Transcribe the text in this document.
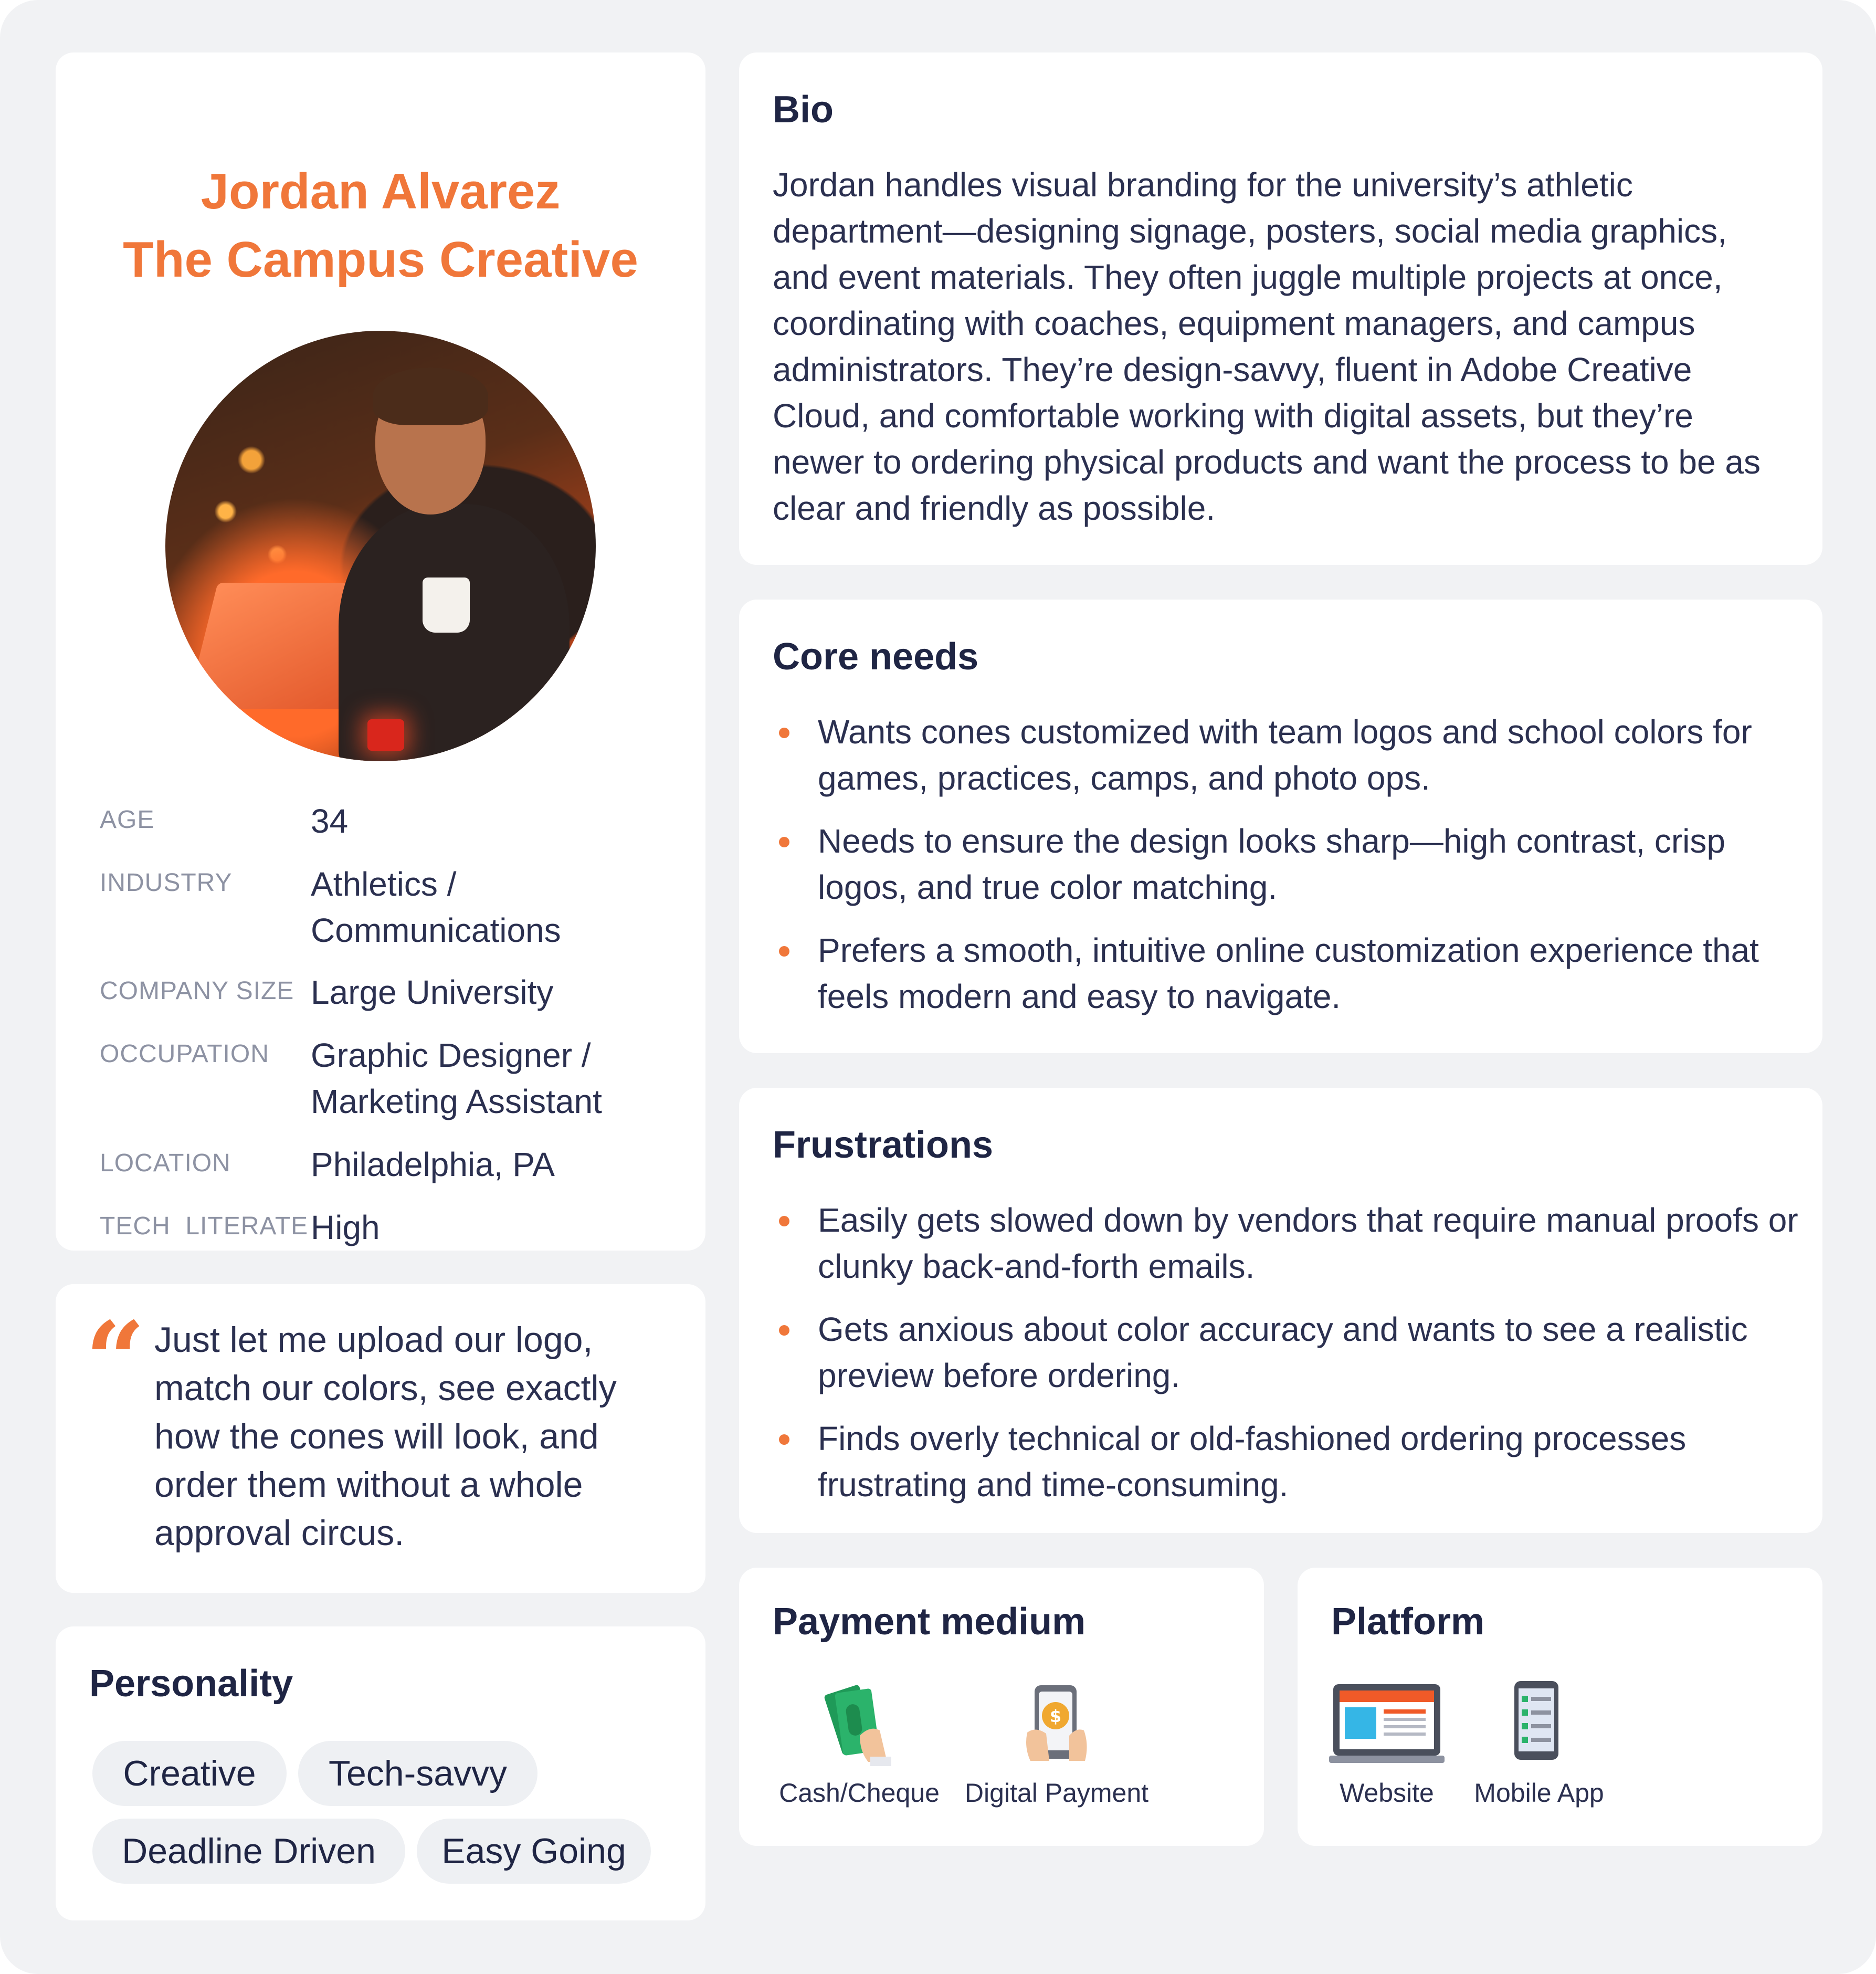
Jordan Alvarez
The Campus Creative
AGE	34
INDUSTRY Athletics / Communications
COMPANY SIZE Large University
OCCUPATION Graphic Designer / Marketing Assistant
LOCATION Philadelphia, PA
TECH  LITERATE High
“ Just let me upload our logo, match our colors, see exactly how the cones will look, and order them without a whole approval circus.
Personality
Creative	Tech-savvy
Deadline Driven	Easy Going
Bio
Jordan handles visual branding for the university’s athletic department—designing signage, posters, social media graphics, and event materials. They often juggle multiple projects at once, coordinating with coaches, equipment managers, and campus administrators. They’re design-savvy, fluent in Adobe Creative Cloud, and comfortable working with digital assets, but they’re newer to ordering physical products and want the process to be as clear and friendly as possible.
Core needs
Wants cones customized with team logos and school colors for games, practices, camps, and photo ops.
Needs to ensure the design looks sharp—high contrast, crisp logos, and true color matching.
Prefers a smooth, intuitive online customization experience that feels modern and easy to navigate.
Frustrations
Easily gets slowed down by vendors that require manual proofs or clunky back-and-forth emails.
Gets anxious about color accuracy and wants to see a realistic preview before ordering.
Finds overly technical or old-fashioned ordering processes frustrating and time-consuming.
Payment medium
Cash/Cheque
$
Digital Payment
Platform
Website	Mobile App
